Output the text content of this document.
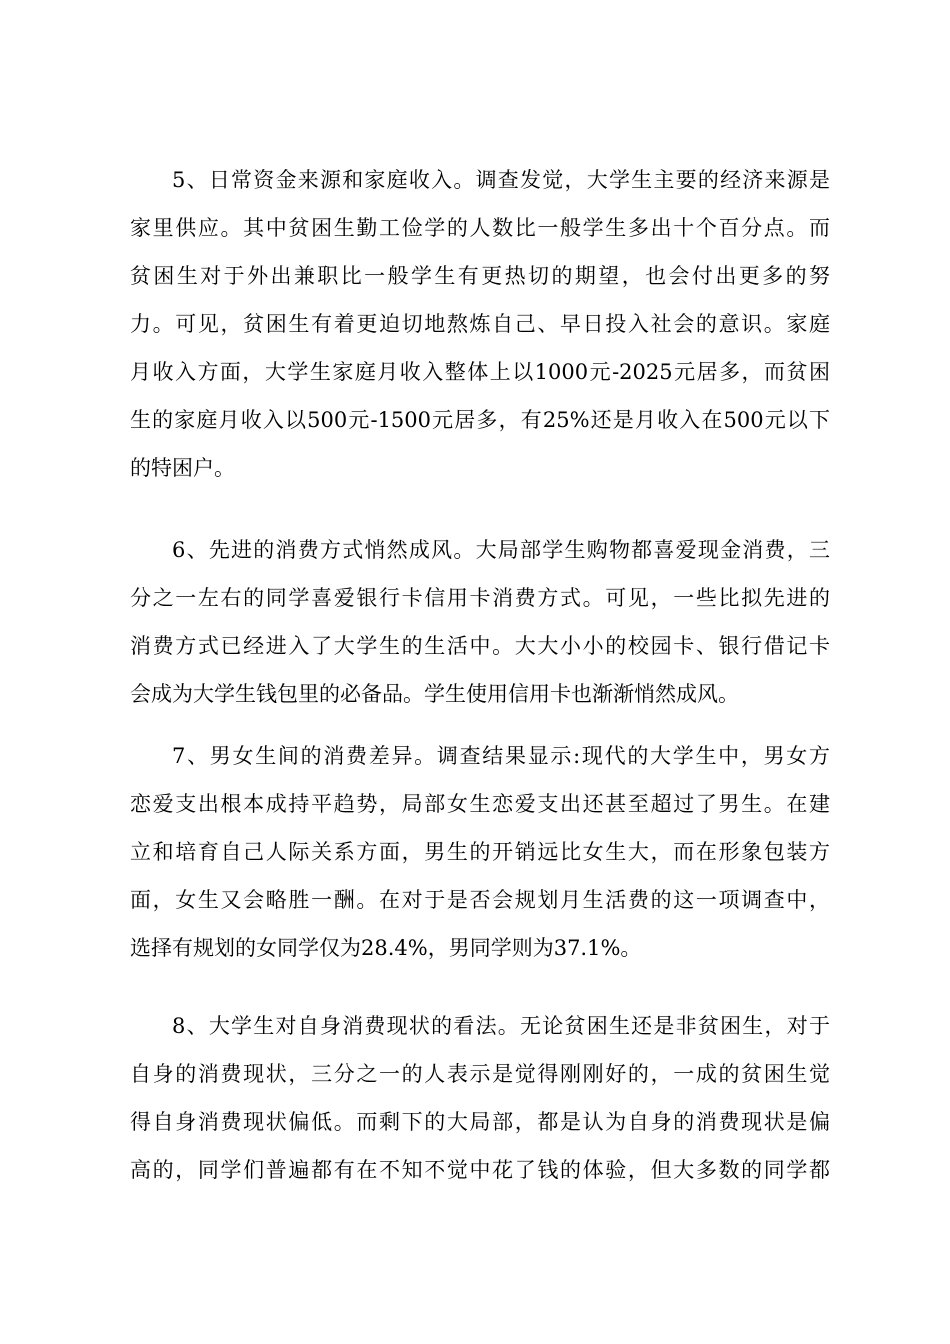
5、日常资金来源和家庭收入。调查发觉，大学生主要的经济来源是
家里供应。其中贫困生勤工俭学的人数比一般学生多出十个百分点。而
贫困生对于外出兼职比一般学生有更热切的期望，也会付出更多的努
力。可见，贫困生有着更迫切地熬炼自己、早日投入社会的意识。家庭
月收入方面，大学生家庭月收入整体上以1000元-2025元居多，而贫困
生的家庭月收入以500元-1500元居多，有25%还是月收入在500元以下
的特困户。
6、先进的消费方式悄然成风。大局部学生购物都喜爱现金消费，三
分之一左右的同学喜爱银行卡信用卡消费方式。可见，一些比拟先进的
消费方式已经进入了大学生的生活中。大大小小的校园卡、银行借记卡
会成为大学生钱包里的必备品。学生使用信用卡也渐渐悄然成风。
7、男女生间的消费差异。调查结果显示:现代的大学生中，男女方
恋爱支出根本成持平趋势，局部女生恋爱支出还甚至超过了男生。在建
立和培育自己人际关系方面，男生的开销远比女生大，而在形象包装方
面，女生又会略胜一酬。在对于是否会规划月生活费的这一项调查中，
选择有规划的女同学仅为28.4%，男同学则为37.1%。
8、大学生对自身消费现状的看法。无论贫困生还是非贫困生，对于
自身的消费现状，三分之一的人表示是觉得刚刚好的，一成的贫困生觉
得自身消费现状偏低。而剩下的大局部，都是认为自身的消费现状是偏
高的，同学们普遍都有在不知不觉中花了钱的体验，但大多数的同学都
